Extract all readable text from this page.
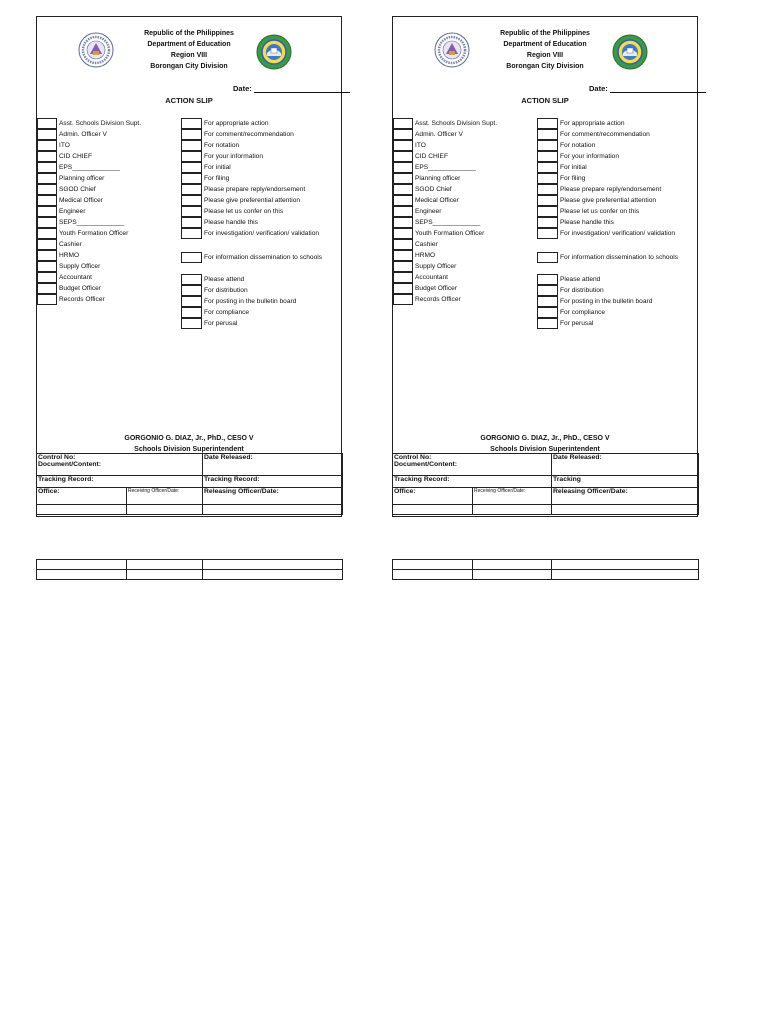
Republic of the Philippines
Department of Education
Region VIII
Borongan City Division
Date:
ACTION SLIP
Asst. Schools Division Supt.
Admin. Officer V
ITO
CID CHIEF
EPS_____________
Planning officer
SGOD Chief
Medical Officer
Engineer
SEPS_____________
Youth Formation Officer
Cashier
HRMO
Supply Officer
Accountant
Budget Officer
Records Officer
For appropriate action
For comment/recommendation
For notation
For your information
For initial
For filing
Please prepare reply/endorsement
Please give preferential attention
Please let us confer on this
Please handle this
For investigation/ verification/ validation
For information dissemination to schools
Please attend
For distribution
For posting in the bulletin board
For compliance
For perusal
GORGONIO G. DIAZ, Jr., PhD., CESO V
Schools Division Superintendent
Control No:
Document/Content:		Date Released:
Tracking Record:		Tracking Record:
Office:	Receiving Officer/Date:	Releasing Officer/Date:

Republic of the Philippines
Department of Education
Region VIII
Borongan City Division
Date:
ACTION SLIP
Asst. Schools Division Supt.
Admin. Officer V
ITO
CID CHIEF
EPS_____________
Planning officer
SGOD Chief
Medical Officer
Engineer
SEPS_____________
Youth Formation Officer
Cashier
HRMO
Supply Officer
Accountant
Budget Officer
Records Officer
For appropriate action
For comment/recommendation
For notation
For your information
For initial
For filing
Please prepare reply/endorsement
Please give preferential attention
Please let us confer on this
Please handle this
For investigation/ verification/ validation
For information dissemination to schools
Please attend
For distribution
For posting in the bulletin board
For compliance
For perusal
GORGONIO G. DIAZ, Jr., PhD., CESO V
Schools Division Superintendent
Control No:
Document/Content:		Date Released:
Tracking Record:		Tracking
Office:	Receiving Officer/Date:	Releasing Officer/Date:
